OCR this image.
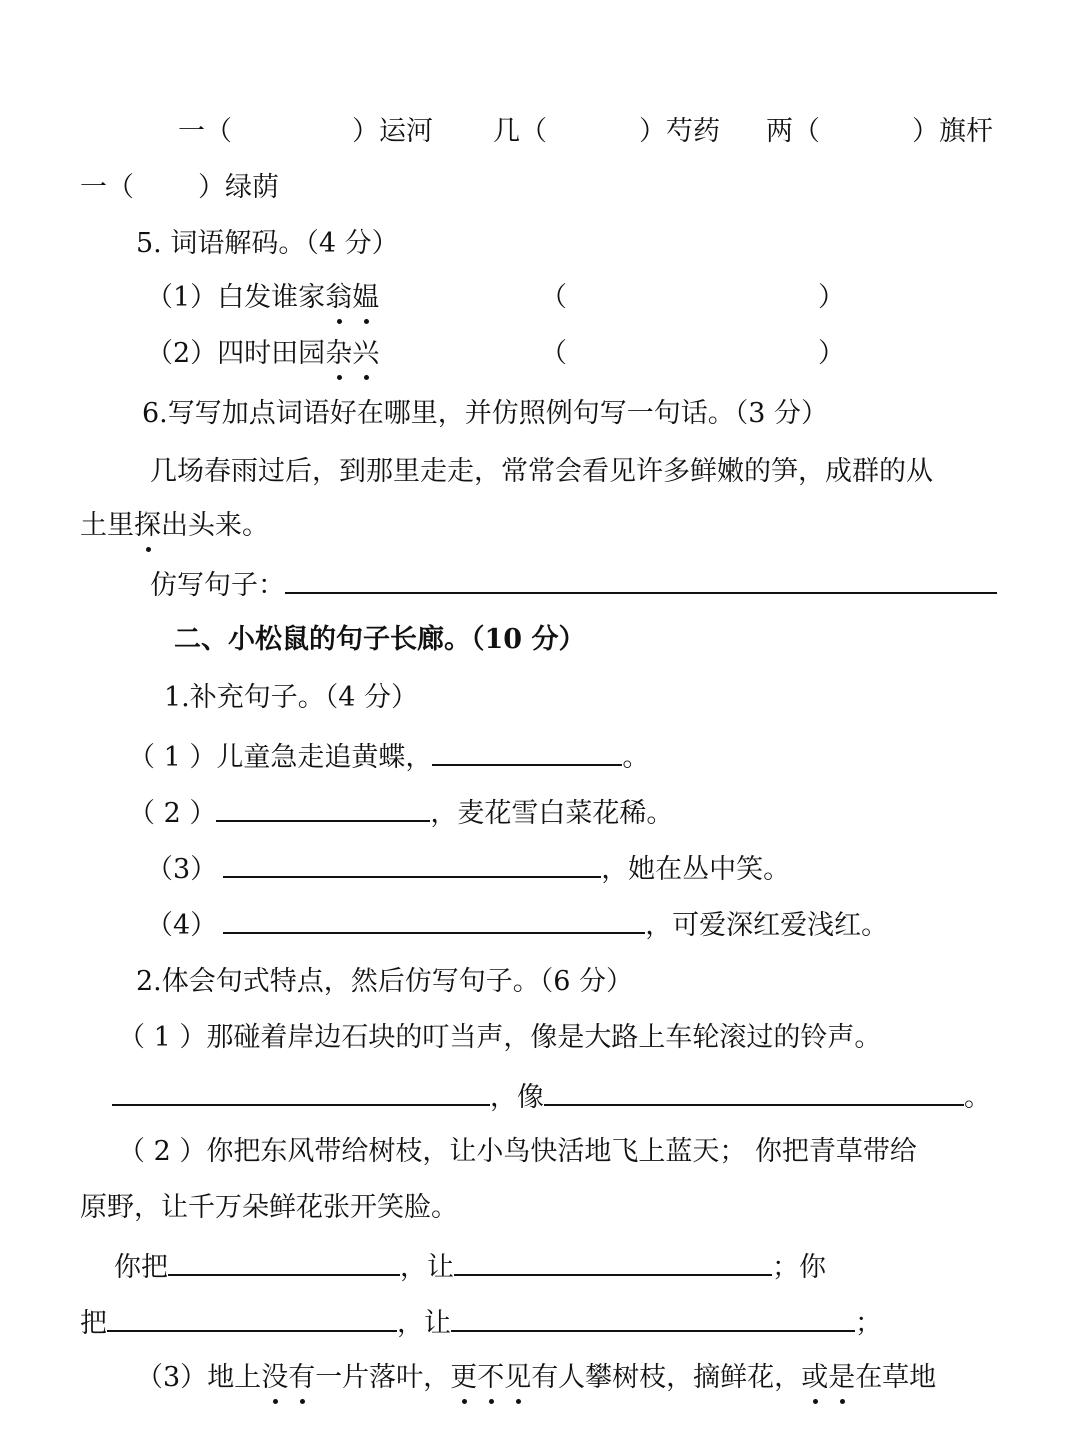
一（	）运河 几（	）芍药 两（	）旗杆
一（ ）绿荫
5. 词语解码。（4 分）
（1）白发谁家翁媪	（	）
（2）四时田园杂兴	（	）
6.写写加点词语好在哪里，并仿照例句写一句话。（3 分）
几场春雨过后，到那里走走，常常会看见许多鲜嫩的笋，成群的从
土里探出头来。
仿写句子：
二、小松鼠的句子长廊。（10 分）
1.补充句子。（4 分）
（ 1 ）儿童急走追黄蝶，	。
（ 2 ）	，麦花雪白菜花稀。
（3）	，她在丛中笑。
（4）	，可爱深红爱浅红。
2.体会句式特点，然后仿写句子。（6 分）
（ 1 ）那碰着岸边石块的叮当声，像是大路上车轮滚过的铃声。
，像	。
（ 2 ）你把东风带给树枝，让小鸟快活地飞上蓝天； 你把青草带给
原野，让千万朵鲜花张开笑脸。
你把	，让	；你
把	，让	；
（3）地上没有一片落叶，更不见有人攀树枝，摘鲜花，或是在草地
